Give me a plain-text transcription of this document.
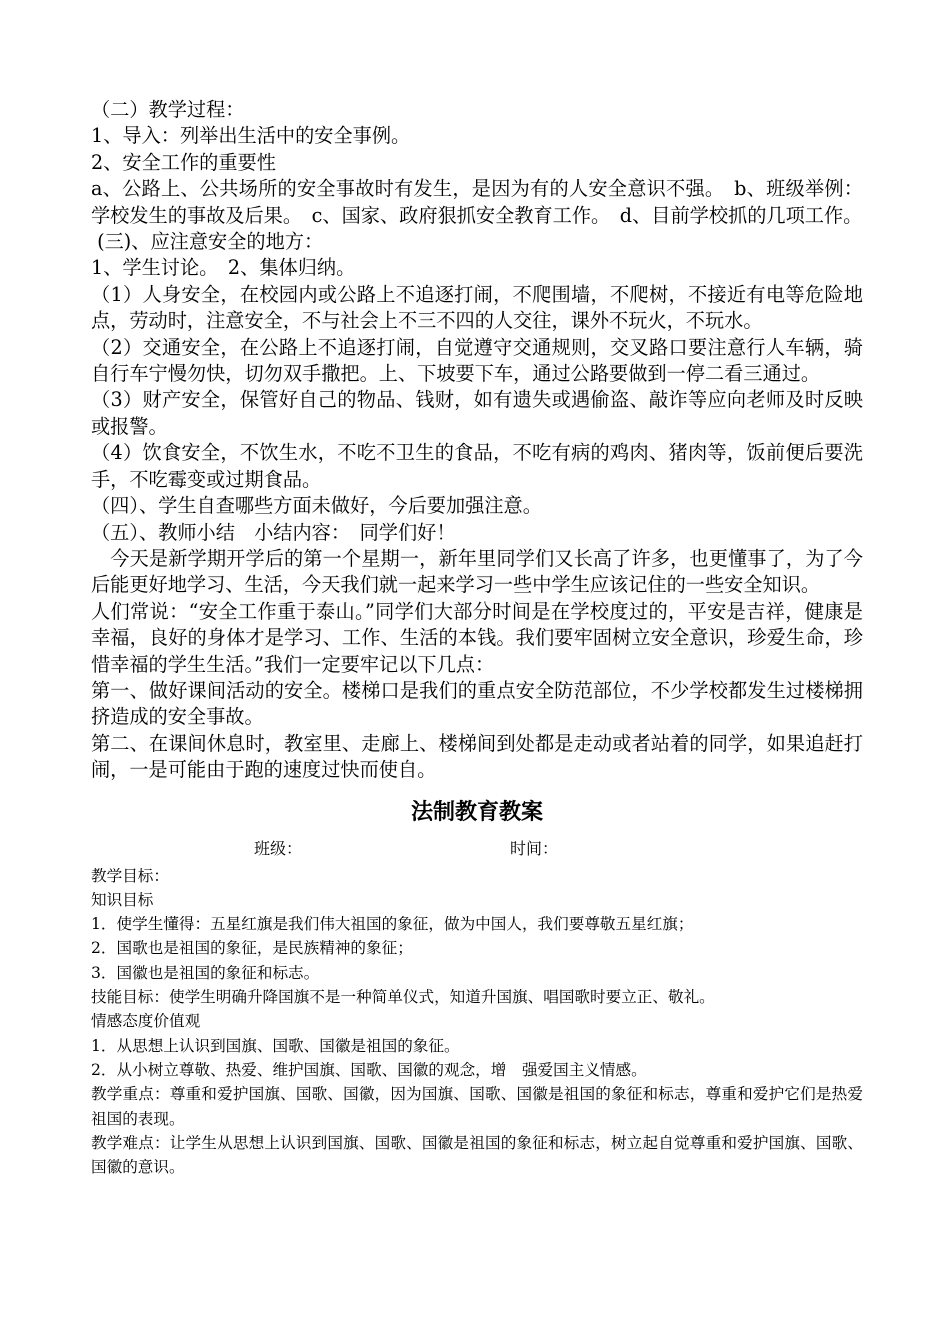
（二）教学过程：

1、导入：列举出生活中的安全事例。

2、安全工作的重要性

a、公路上、公共场所的安全事故时有发生，是因为有的人安全意识不强。　b、班级举例：学校发生的事故及后果。　c、国家、政府狠抓安全教育工作。　d、目前学校抓的几项工作。

(三)、应注意安全的地方：

1、学生讨论。　2、集体归纳。

（1）人身安全，在校园内或公路上不追逐打闹，不爬围墙，不爬树，不接近有电等危险地点，劳动时，注意安全，不与社会上不三不四的人交往，课外不玩火，不玩水。

（2）交通安全，在公路上不追逐打闹，自觉遵守交通规则，交叉路口要注意行人车辆，骑自行车宁慢勿快，切勿双手撒把。上、下坡要下车，通过公路要做到一停二看三通过。

（3）财产安全，保管好自己的物品、钱财，如有遗失或遇偷盗、敲诈等应向老师及时反映或报警。

（4）饮食安全，不饮生水，不吃不卫生的食品，不吃有病的鸡肉、猪肉等，饭前便后要洗手，不吃霉变或过期食品。

（四）、学生自查哪些方面未做好，今后要加强注意。

（五）、教师小结　小结内容：　同学们好！

　今天是新学期开学后的第一个星期一，新年里同学们又长高了许多，也更懂事了，为了今后能更好地学习、生活，今天我们就一起来学习一些中学生应该记住的一些安全知识。

人们常说：“安全工作重于泰山。”同学们大部分时间是在学校度过的，平安是吉祥，健康是幸福，良好的身体才是学习、工作、生活的本钱。我们要牢固树立安全意识，珍爱生命，珍惜幸福的学生生活。”我们一定要牢记以下几点：

第一、做好课间活动的安全。楼梯口是我们的重点安全防范部位，不少学校都发生过楼梯拥挤造成的安全事故。

第二、在课间休息时，教室里、走廊上、楼梯间到处都是走动或者站着的同学，如果追赶打闹，一是可能由于跑的速度过快而使自。

法制教育教案
班级：	时间：

教学目标：

知识目标

1．使学生懂得：五星红旗是我们伟大祖国的象征，做为中国人，我们要尊敬五星红旗；

2．国歌也是祖国的象征，是民族精神的象征；

3．国徽也是祖国的象征和标志。

技能目标：使学生明确升降国旗不是一种简单仪式，知道升国旗、唱国歌时要立正、敬礼。

情感态度价值观

1．从思想上认识到国旗、国歌、国徽是祖国的象征。

2．从小树立尊敬、热爱、维护国旗、国歌、国徽的观念，增　强爱国主义情感。

教学重点：尊重和爱护国旗、国歌、国徽，因为国旗、国歌、国徽是祖国的象征和标志，尊重和爱护它们是热爱祖国的表现。

教学难点：让学生从思想上认识到国旗、国歌、国徽是祖国的象征和标志，树立起自觉尊重和爱护国旗、国歌、国徽的意识。
